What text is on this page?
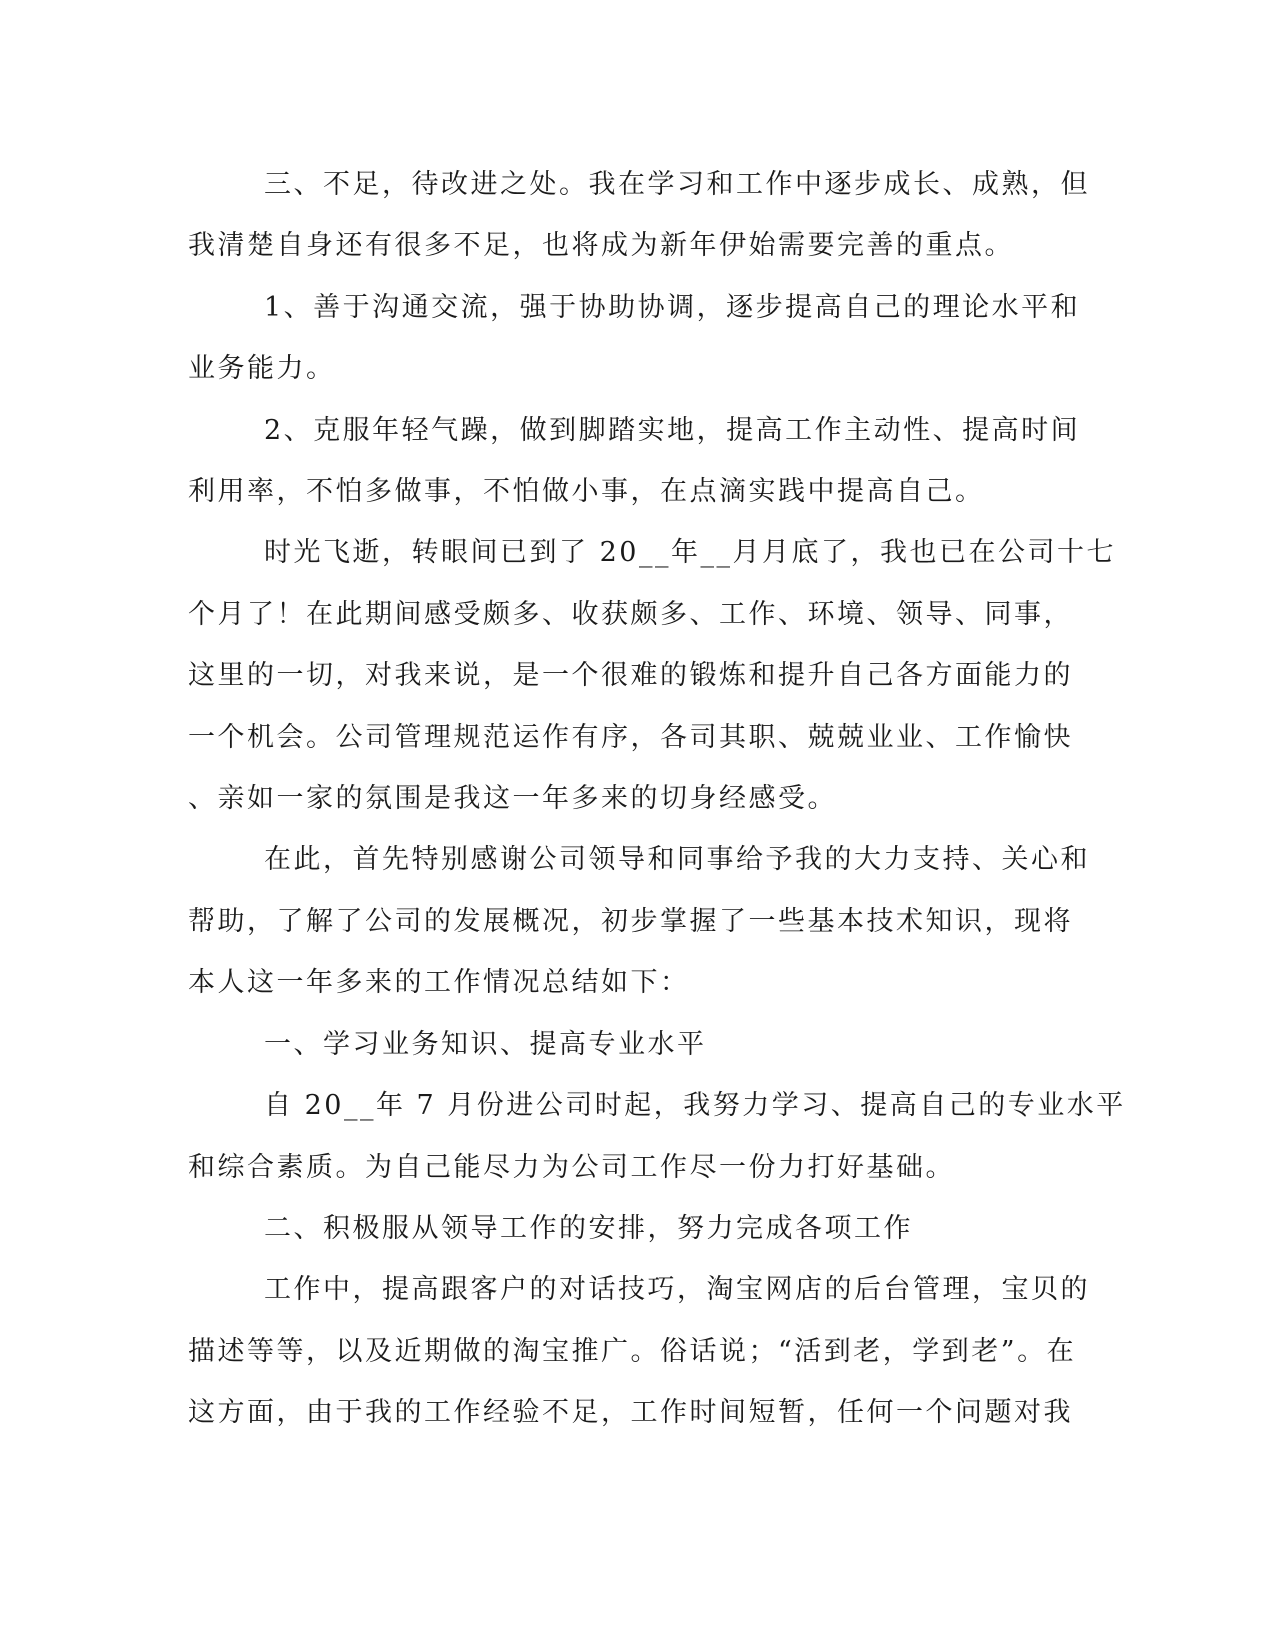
三、不足，待改进之处。我在学习和工作中逐步成长、成熟，但
我清楚自身还有很多不足，也将成为新年伊始需要完善的重点。
1、善于沟通交流，强于协助协调，逐步提高自己的理论水平和
业务能力。
2、克服年轻气躁，做到脚踏实地，提高工作主动性、提高时间
利用率，不怕多做事，不怕做小事，在点滴实践中提高自己。
时光飞逝，转眼间已到了 20__年__月月底了，我也已在公司十七
个月了！在此期间感受颇多、收获颇多、工作、环境、领导、同事，
这里的一切，对我来说，是一个很难的锻炼和提升自己各方面能力的
一个机会。公司管理规范运作有序，各司其职、兢兢业业、工作愉快
、亲如一家的氛围是我这一年多来的切身经感受。
在此，首先特别感谢公司领导和同事给予我的大力支持、关心和
帮助，了解了公司的发展概况，初步掌握了一些基本技术知识，现将
本人这一年多来的工作情况总结如下：
一、学习业务知识、提高专业水平
自 20__年 7 月份进公司时起，我努力学习、提高自己的专业水平
和综合素质。为自己能尽力为公司工作尽一份力打好基础。
二、积极服从领导工作的安排，努力完成各项工作
工作中，提高跟客户的对话技巧，淘宝网店的后台管理，宝贝的
描述等等，以及近期做的淘宝推广。俗话说；“活到老，学到老”。在
这方面，由于我的工作经验不足，工作时间短暂，任何一个问题对我
